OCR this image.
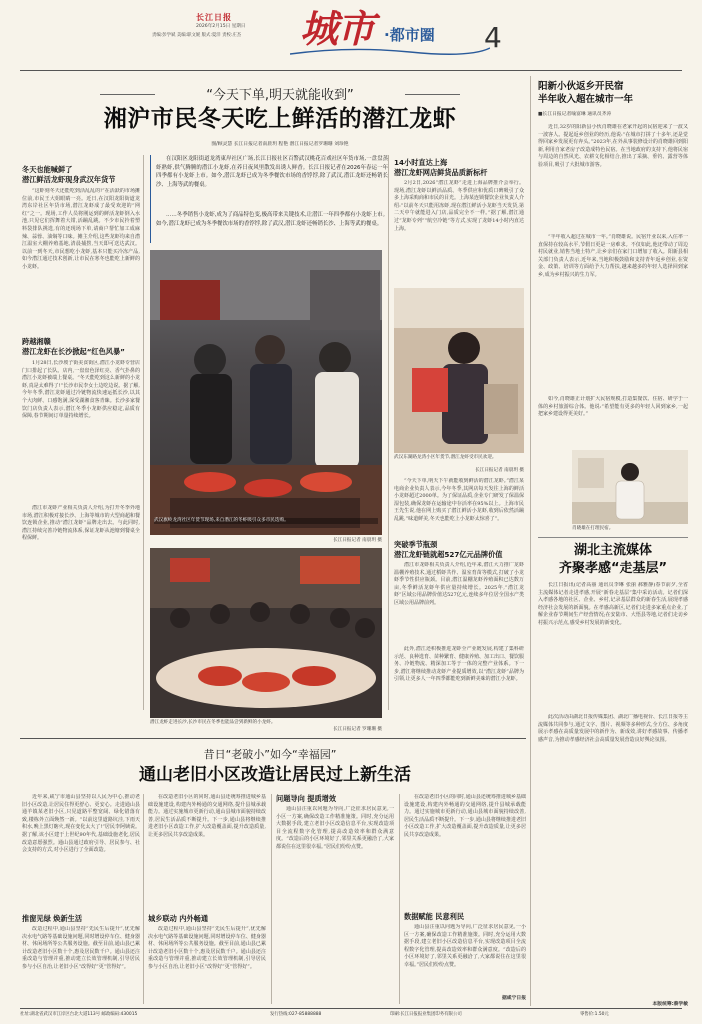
长江日报
2026年2月15日 星期日
责编:彭学斌 美编:职文妮 版式:夏洋 责校:庄杰	城市 ·都市圈 4
“今天下单,明天就能收到”
湘沪市民冬天吃上鲜活的潜江龙虾
图/顾灵慧 长江日报记者南晨玥 程艳 潜江日报记者罗珊珊 刘珍艳
冬天也能喊鲜了
潜江鲜活龙虾现身武汉年货节
“这虾刻冬天还能吃到活乱乱的!”在活跃的市场摊位前,市民王大姐眼睛一亮。近日,在汉阳龙阳街道龙湾东岸社区年货市场,潜江龙虾成了最受欢迎的“网红”之一。现场,工作人员将刚运到的鲜活龙虾倒入水池,只见它们挥舞着大钳,活蹦乱跳。不少市民拎着塑料袋排队挑选,有的还现场下单,请商户帮忙加工成麻辣、蒜蓉、油焖等口味。摊主介绍,这些龙虾均来自潜江温室大棚养殖基地,清晨捕捞,当天即可送达武汉。以前一到冬天,市民想吃小龙虾,基本只能买冷冻产品,如今潜江通过技术创新,让市民在寒冬也能吃上新鲜的小龙虾。
跨越湘赣
潜江龙虾在长沙掀起“红色风暴”
1月28日,长沙坡子街美食街区,潜江小龙虾专营店门口排起了长队。店内,一盘盘色泽红亮、香气扑鼻的潜江小龙虾被端上餐桌。“冬天能吃到这么新鲜的小龙虾,真是太难得了!”长沙市民李女士边吃边说。据了解,今年冬季,潜江龙虾通过冷链物流快速运抵长沙,以其个大肉鲜、口感饱满,深受湖湘食客青睐。长沙多家餐饮门店负责人表示,潜江冬季小龙虾供应稳定,品质有保障,春节期间订单量持续增长。
潜江市龙虾产业相关负责人介绍,为打开冬季外地市场,潜江积极对接长沙、上海等城市的大型商超和餐饮连锁企业,推动“潜江龙虾”品牌走出去。与此同时,潜江持续完善冷链物流体系,保证龙虾从池塘到餐桌全程保鲜。
在汉阳区龙阳街道龙湾東岸社区广场,长江日报社区百警武汉桃花百戏社区年货市场,一盘盘蒸虾熟虾,供气腾腾的潜江小龙虾,在养日夜风里散发出诱人鲜香。长江日报记者在2026年春运一年四季都有小龙虾上市。如今,潜江龙虾已成为冬季餐饮市场的香饽饽,除了武汉,潜江龙虾还畅销长沙、上海等武的餐桌。
……冬季销售小龙虾,成为了商品特色变,极高带来关键技术,让潜江一年四季都有小龙虾上市。如今,潜江龙虾已成为冬季餐饮市场的香饽饽,除了武汉,潜江龙虾还畅销长沙、上海等武的餐桌。
武汉旗岭龙湾社区年货节现场,来自潜江的冬虾吸引众多市民选购。
长江日报记者 南晨玥 摄
潜江龙虾走进长沙,长沙市民在冬季也能品尝到新鲜的小龙虾。
长江日报记者 罗珊珊 摄
14小时直达上海
潜江龙虾网店鲜货品质新标杆
2月2日,2026“潜江龙虾”走进上海品牌推介会举行。现场,潜江龙虾以鲜活品质、冬季供应和优质口碑吸引了众多上海采购商和市民的目光。上海某连锁餐饮企业负责人介绍:“以前冬天只能用冻虾,现在潜江鲜活小龙虾当天发货,第二天中午就能进入门店,品质完全不一样。”据了解,潜江通过“龙虾专列”“航空冷链”等方式,实现了龙虾14小时内直达上海。
武汉东湖路龙湾小区年货节,潜江龙虾受市民欢迎。
长江日报记者 南晨玥 摄
“今天下单,明天下午就能收到鲜活的潜江龙虾。”潜江某电商企业负责人表示,今年冬季,其网店每天发往上海的鲜活小龙虾超过2000单。为了保证品质,企业专门研发了保温保湿包装,确保龙虾在运输途中存活率在95%以上。上海市民王先生说,他在网上购买了潜江鲜活小龙虾,收到后依然活蹦乱跳,“味道鲜美,冬天也能吃上小龙虾太惊喜了”。
突破季节瓶颈
潜江龙虾链就超527亿元品牌价值
潜江市龙虾相关负责人介绍,近年来,潜江大力推广龙虾温棚养殖技术,通过稻虾共作、温室育苗等模式,打破了小龙虾季节性供应瓶颈。目前,潜江温棚龙虾养殖面积已达数万亩,冬季鲜活龙虾年供应量持续增长。2025年,“潜江龙虾”区域公用品牌价值达527亿元,连续多年位居全国水产类区域公用品牌前列。
此外,潜江还积极推进龙虾全产业链发展,构建了集科研示范、良种选育、苗种繁育、健康养殖、加工出口、餐饮服务、冷链物流、精深加工等于一体的完整产业体系。下一步,潜江将继续推动龙虾产业提质增效,以“潜江龙虾”品牌为引领,让更多人一年四季都能吃到新鲜美味的潜江小龙虾。
阳新小伙返乡开民宿
半年收入超在城市一年
■长江日报记者喻富琳 通讯员齐涛
近日,32岁的阳新县小伙肖晓雄在老家开起的民宿迎来了一波又一波客人。提起返乡创业的经历,他说:“在城市打拼了十多年,还是觉得回家乡发展更有奔头。”2023年,在外从事装修设计的肖晓雄回到阳新,利用自家老房子改造成特色民宿。在当地政府的支持下,他将民宿与周边的自然风光、农耕文化相结合,推出了采摘、垂钓、露营等体验项目,吸引了大批城市游客。
“半年收入超过在城市一年。”肖晓雄说。民宿开业以来,入住率一直保持在较高水平,节假日更是一房难求。不仅如此,他还带动了周边村民就业,销售当地土特产,让乡亲们在家门口增加了收入。阳新县相关部门负责人表示,近年来,当地积极鼓励和支持青年返乡创业,在资金、政策、培训等方面给予大力帮扶,越来越多的年轻人选择回到家乡,成为乡村振兴的生力军。
如今,肖晓雄正计划扩大民宿规模,打造集餐饮、住宿、研学于一体的乡村旅游综合体。他说:“希望能有更多的年轻人回到家乡,一起把家乡建设得更美好。”
肖晓雄在打理民宿。
湖北主流媒体
齐聚孝感“走基层”
长江日报讯(记者高丽 通讯员李琳 张丽 郝雅静)春节前夕,全省主流媒体记者走进孝感,开展“新春走基层”集中采访活动。记者们深入孝感各地的社区、企业、乡村,记录基层群众的新春生活,展现孝感经济社会发展的新面貌。在孝感高新区,记者们走进多家重点企业,了解企业春节期间生产经营情况;在安陆市、大悟县等地,记者们走访乡村振兴示范点,感受乡村发展的新变化。
此次活动由湖北日报传媒集团、湖北广播电视台、长江日报等主流媒体共同参与,通过文字、图片、视频等多种形式,全方位、多角度展示孝感在高质量发展中的新作为、新成效,讲好孝感故事、传播孝感声音,为推动孝感经济社会高质量发展营造良好舆论氛围。
本版统筹:蔡学敏
昔日“老破小”如今“幸福园”
通山老旧小区改造让居民过上新生活
近年来,咸宁市通山县坚持以人民为中心,推动老旧小区改造,让居民住得更舒心、更安心。走进通山县通羊镇某老旧小区,只见道路平整宽阔、绿化错落有致,楼栋外立面焕然一新。“以前这里道路坑洼,下雨天积水,晚上黑灯瞎火,现在变化太大了!”居民李阿姨说。据了解,该小区建于上世纪90年代,基础设施老化,居民改造意愿强烈。通山县通过政府引导、居民参与、社会支持的方式,对小区进行了全面改造。
推窗见绿 焕新生活
改造过程中,通山县坚持“先民生后提升”,优先解决水电气路等基础设施问题,同时增设停车位、健身器材、休闲场所等公共服务设施。截至目前,通山县已累计改造老旧小区数十个,惠及居民数千户。通山县还注重改造与管理并重,推动建立长效管理机制,引导居民参与小区自治,让老旧小区“改得好”更“管得好”。
在改造老旧小区的同时,通山县还统筹推进城乡基础设施建设,构建内外畅通的交通网络,提升县城承载能力。通过实施城市更新行动,通山县城市面貌持续改善,居民生活品质不断提升。下一步,通山县将继续推进老旧小区改造工作,扩大改造覆盖面,提升改造质量,让更多居民共享改造成果。
城乡联动 内外畅通
改造过程中,通山县坚持“先民生后提升”,优先解决水电气路等基础设施问题,同时增设停车位、健身器材、休闲场所等公共服务设施。截至目前,通山县已累计改造老旧小区数十个,惠及居民数千户。通山县还注重改造与管理并重,推动建立长效管理机制,引导居民参与小区自治,让老旧小区“改得好”更“管得好”。
问题导向 提质增效
通山县注重以问题为导向,广泛征求居民意见,一小区一方案,确保改造工作精准施策。同时,充分运用大数据手段,建立老旧小区改造信息平台,实现改造项目全流程数字化管理,提高改造效率和群众满意度。“改造后的小区环境好了,邻里关系更融洽了,大家都说住在这里很幸福。”居民们纷纷点赞。
在改造老旧小区的同时,通山县还统筹推进城乡基础设施建设,构建内外畅通的交通网络,提升县城承载能力。通过实施城市更新行动,通山县城市面貌持续改善,居民生活品质不断提升。下一步,通山县将继续推进老旧小区改造工作,扩大改造覆盖面,提升改造质量,让更多居民共享改造成果。
数据赋能 民意利民
通山县注重以问题为导向,广泛征求居民意见,一小区一方案,确保改造工作精准施策。同时,充分运用大数据手段,建立老旧小区改造信息平台,实现改造项目全流程数字化管理,提高改造效率和群众满意度。“改造后的小区环境好了,邻里关系更融洽了,大家都说住在这里很幸福。”居民们纷纷点赞。
据咸宁日报
社址:湖北省武汉市江岸区台北大道113号 邮政编码:430015	发行热线:027-85888888	印刷:长江日报报业集团印务有限公司	零售价:1.50元
